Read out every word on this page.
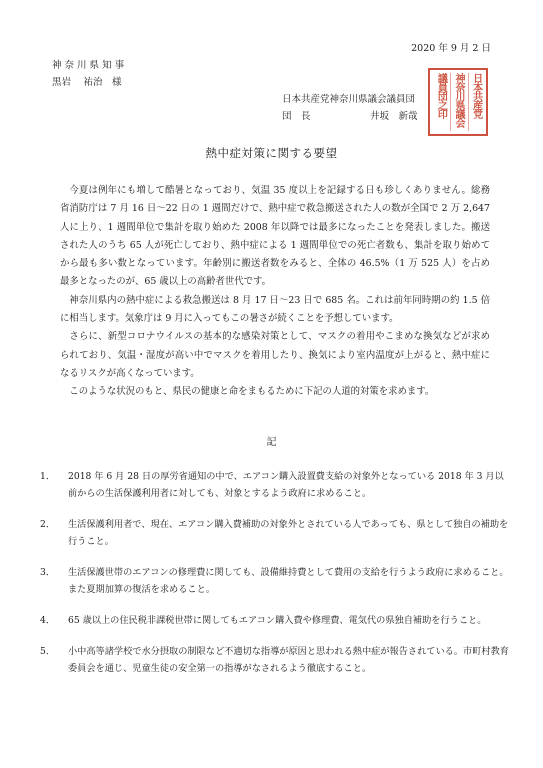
2020 年 9 月 2 日
神 奈 川 県 知 事
黒岩　 祐治　様
日本共産党神奈川県議会議員団
団　長	井坂　新哉	日本共産党
神奈川県議会
議員団之印
熱中症対策に関する要望

今夏は例年にも増して酷暑となっており、気温 35 度以上を記録する日も珍しくありません。総務省消防庁は 7 月 16 日〜22 日の 1 週間だけで、熱中症で救急搬送された人の数が全国で 2 万 2,647 人に上り、1 週間単位で集計を取り始めた 2008 年以降では最多になったことを発表しました。搬送された人のうち 65 人が死亡しており、熱中症による 1 週間単位での死亡者数も、集計を取り始めてから最も多い数となっています。年齢別に搬送者数をみると、全体の 46.5%（1 万 525 人）を占め最多となったのが、65 歳以上の高齢者世代です。

神奈川県内の熱中症による救急搬送は 8 月 17 日〜23 日で 685 名。これは前年同時期の約 1.5 倍に相当します。気象庁は 9 月に入ってもこの暑さが続くことを予想しています。

さらに、新型コロナウイルスの基本的な感染対策として、マスクの着用やこまめな換気などが求められており、気温・湿度が高い中でマスクを着用したり、換気により室内温度が上がると、熱中症になるリスクが高くなっています。

このような状況のもと、県民の健康と命をまもるために下記の人道的対策を求めます。

記
1．	2018 年 6 月 28 日の厚労省通知の中で、エアコン購入設置費支給の対象外となっている 2018 年 3 月以前からの生活保護利用者に対しても、対象とするよう政府に求めること。
2．	生活保護利用者で、現在、エアコン購入費補助の対象外とされている人であっても、県として独自の補助を行うこと。
3．	生活保護世帯のエアコンの修理費に関しても、設備維持費として費用の支給を行うよう政府に求めること。また夏期加算の復活を求めること。
4．	65 歳以上の住民税非課税世帯に関してもエアコン購入費や修理費、電気代の県独自補助を行うこと。
5．	小中高等諸学校で水分摂取の制限など不適切な指導が原因と思われる熱中症が報告されている。市町村教育委員会を通じ、児童生徒の安全第一の指導がなされるよう徹底すること。
